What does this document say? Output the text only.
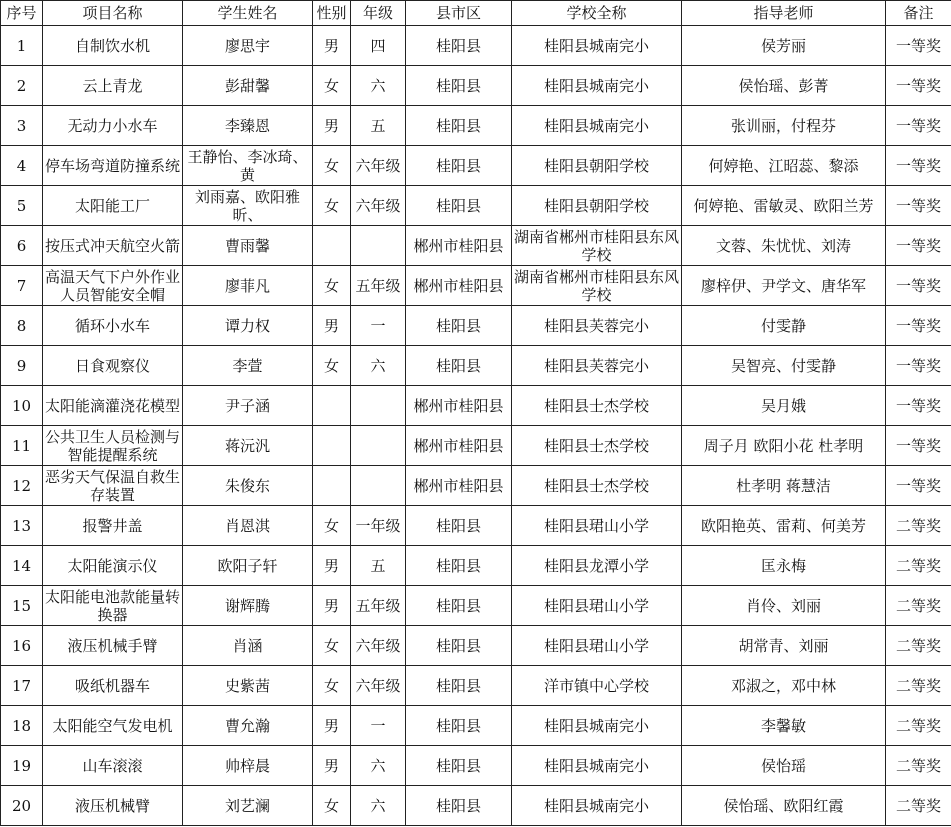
序号	项目名称	学生姓名	性别	年级	县市区	学校全称	指导老师	备注
1	自制饮水机	廖思宇	男	四	桂阳县	桂阳县城南完小	侯芳丽	一等奖
2	云上青龙	彭甜馨	女	六	桂阳县	桂阳县城南完小	侯怡瑶、彭菁	一等奖
3	无动力小水车	李臻恩	男	五	桂阳县	桂阳县城南完小	张训丽，付程芬	一等奖
4	停车场弯道防撞系统	王静怡、李冰琦、黄	女	六年级	桂阳县	桂阳县朝阳学校	何婷艳、江昭蕊、黎添	一等奖
5	太阳能工厂	刘雨嘉、欧阳雅昕、	女	六年级	桂阳县	桂阳县朝阳学校	何婷艳、雷敏灵、欧阳兰芳	一等奖
6	按压式冲天航空火箭	曹雨馨			郴州市桂阳县	湖南省郴州市桂阳县东风学校	文蓉、朱忧忧、刘涛	一等奖
7	高温天气下户外作业人员智能安全帽	廖菲凡	女	五年级	郴州市桂阳县	湖南省郴州市桂阳县东风学校	廖梓伊、尹学文、唐华军	一等奖
8	循环小水车	谭力权	男	一	桂阳县	桂阳县芙蓉完小	付雯静	一等奖
9	日食观察仪	李萱	女	六	桂阳县	桂阳县芙蓉完小	吴智亮、付雯静	一等奖
10	太阳能滴灌浇花模型	尹子涵			郴州市桂阳县	桂阳县士杰学校	吴月娥	一等奖
11	公共卫生人员检测与智能提醒系统	蒋沅汎			郴州市桂阳县	桂阳县士杰学校	周子月 欧阳小花 杜孝明	一等奖
12	恶劣天气保温自救生存装置	朱俊东			郴州市桂阳县	桂阳县士杰学校	杜孝明 蒋慧洁	一等奖
13	报警井盖	肖恩淇	女	一年级	桂阳县	桂阳县珺山小学	欧阳艳英、雷莉、何美芳	二等奖
14	太阳能演示仪	欧阳子轩	男	五	桂阳县	桂阳县龙潭小学	匡永梅	二等奖
15	太阳能电池款能量转换器	谢辉腾	男	五年级	桂阳县	桂阳县珺山小学	肖伶、刘丽	二等奖
16	液压机械手臂	肖涵	女	六年级	桂阳县	桂阳县珺山小学	胡常青、刘丽	二等奖
17	吸纸机器车	史紫茜	女	六年级	桂阳县	洋市镇中心学校	邓淑之，邓中林	二等奖
18	太阳能空气发电机	曹允瀚	男	一	桂阳县	桂阳县城南完小	李馨敏	二等奖
19	山车滚滚	帅梓晨	男	六	桂阳县	桂阳县城南完小	侯怡瑶	二等奖
20	液压机械臂	刘艺澜	女	六	桂阳县	桂阳县城南完小	侯怡瑶、欧阳红霞	二等奖
